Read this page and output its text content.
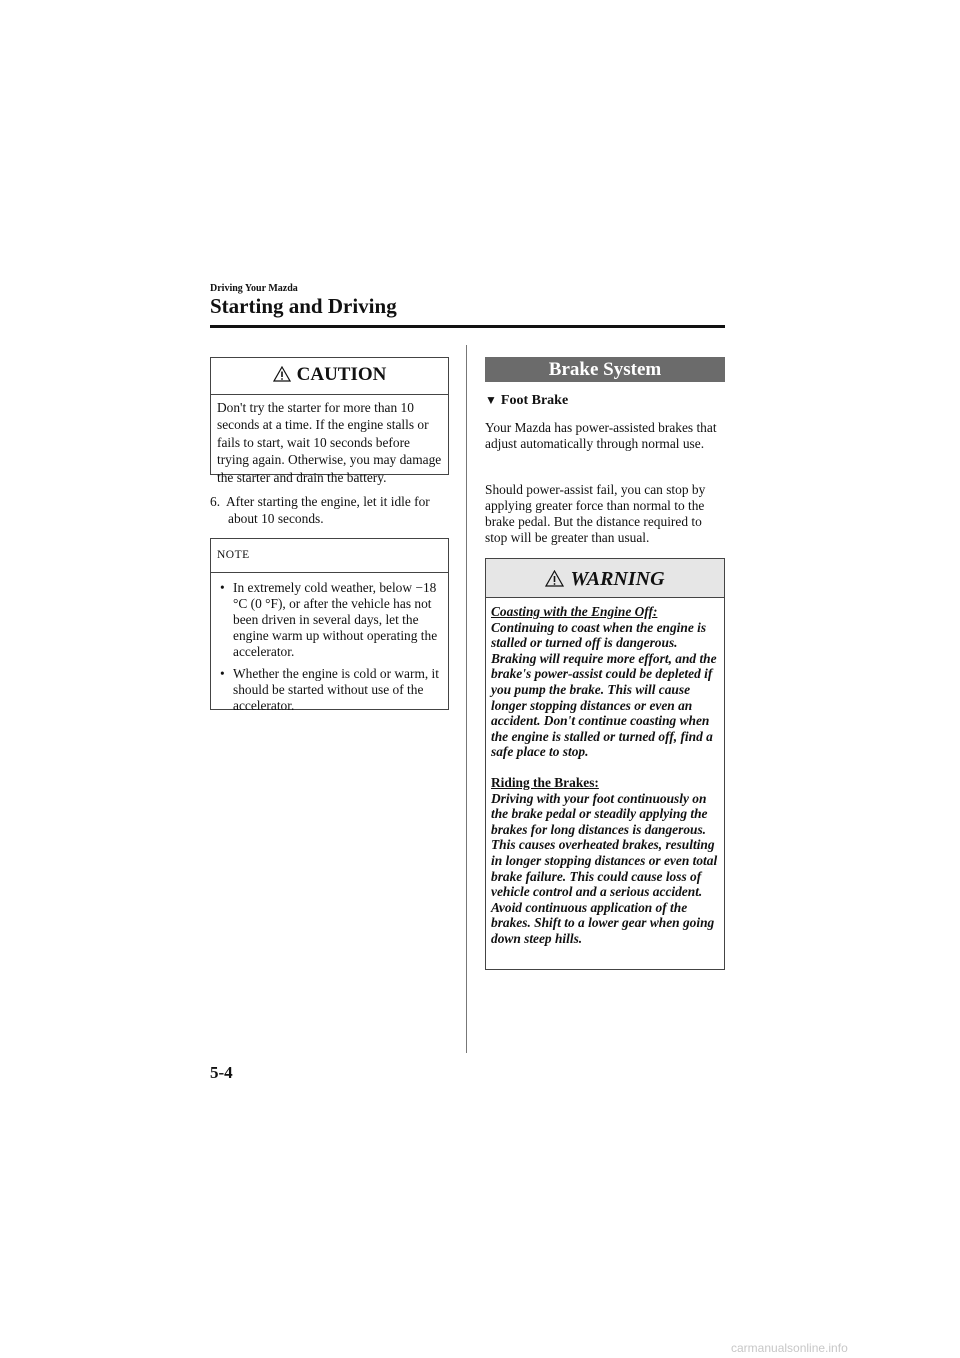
Driving Your Mazda
Starting and Driving
CAUTION
Don't try the starter for more than 10 seconds at a time. If the engine stalls or fails to start, wait 10 seconds before trying again. Otherwise, you may damage the starter and drain the battery.
6. After starting the engine, let it idle for
about 10 seconds.
NOTE
• In extremely cold weather, below −18 °C (0 °F), or after the vehicle has not been driven in several days, let the engine warm up without operating the accelerator.
• Whether the engine is cold or warm, it should be started without use of the accelerator.
Brake System
▼ Foot Brake
Your Mazda has power-assisted brakes that adjust automatically through normal use.
Should power-assist fail, you can stop by applying greater force than normal to the brake pedal. But the distance required to stop will be greater than usual.
WARNING
Coasting with the Engine Off:
Continuing to coast when the engine is stalled or turned off is dangerous. Braking will require more effort, and the brake's power-assist could be depleted if you pump the brake. This will cause longer stopping distances or even an accident. Don't continue coasting when the engine is stalled or turned off, find a safe place to stop.
Riding the Brakes:
Driving with your foot continuously on the brake pedal or steadily applying the brakes for long distances is dangerous. This causes overheated brakes, resulting in longer stopping distances or even total brake failure. This could cause loss of vehicle control and a serious accident. Avoid continuous application of the brakes. Shift to a lower gear when going down steep hills.
5-4
carmanualsonline.info
